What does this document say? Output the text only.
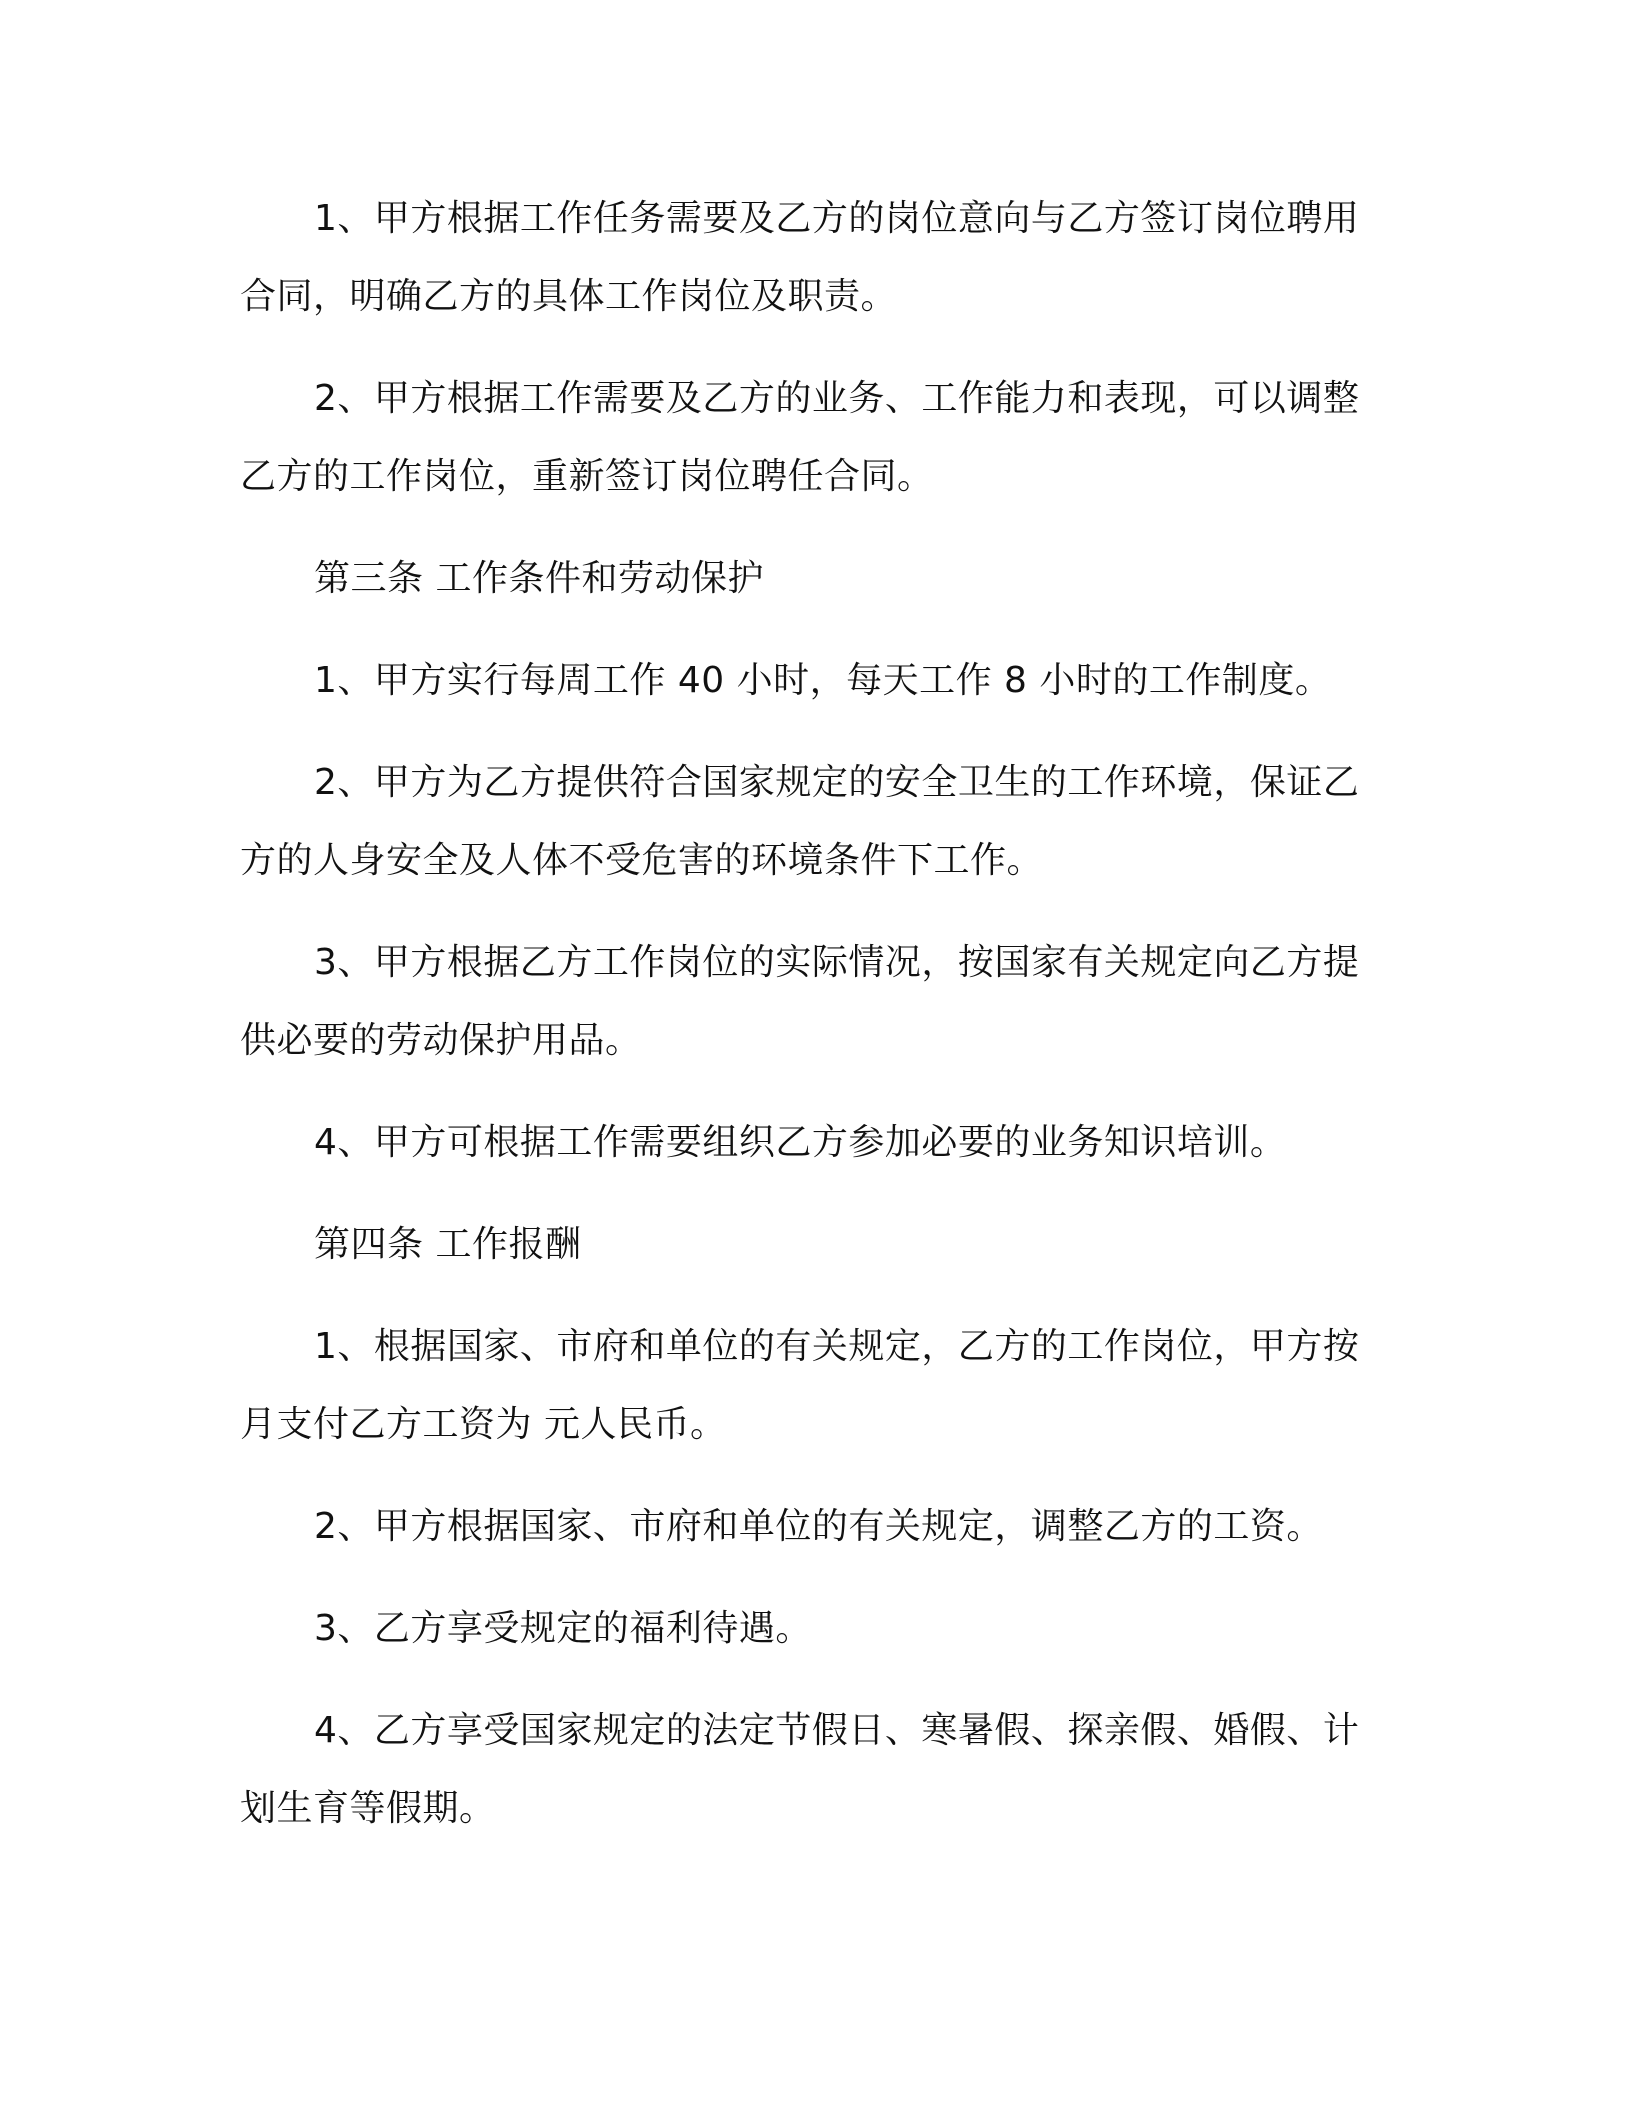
1、甲方根据工作任务需要及乙方的岗位意向与乙方签订岗位聘用合同，明确乙方的具体工作岗位及职责。

2、甲方根据工作需要及乙方的业务、工作能力和表现，可以调整乙方的工作岗位，重新签订岗位聘任合同。

第三条 工作条件和劳动保护

1、甲方实行每周工作 40 小时，每天工作 8 小时的工作制度。

2、甲方为乙方提供符合国家规定的安全卫生的工作环境，保证乙方的人身安全及人体不受危害的环境条件下工作。

3、甲方根据乙方工作岗位的实际情况，按国家有关规定向乙方提供必要的劳动保护用品。

4、甲方可根据工作需要组织乙方参加必要的业务知识培训。

第四条 工作报酬

1、根据国家、市府和单位的有关规定，乙方的工作岗位，甲方按月支付乙方工资为 元人民币。

2、甲方根据国家、市府和单位的有关规定，调整乙方的工资。

3、乙方享受规定的福利待遇。

4、乙方享受国家规定的法定节假日、寒暑假、探亲假、婚假、计划生育等假期。
